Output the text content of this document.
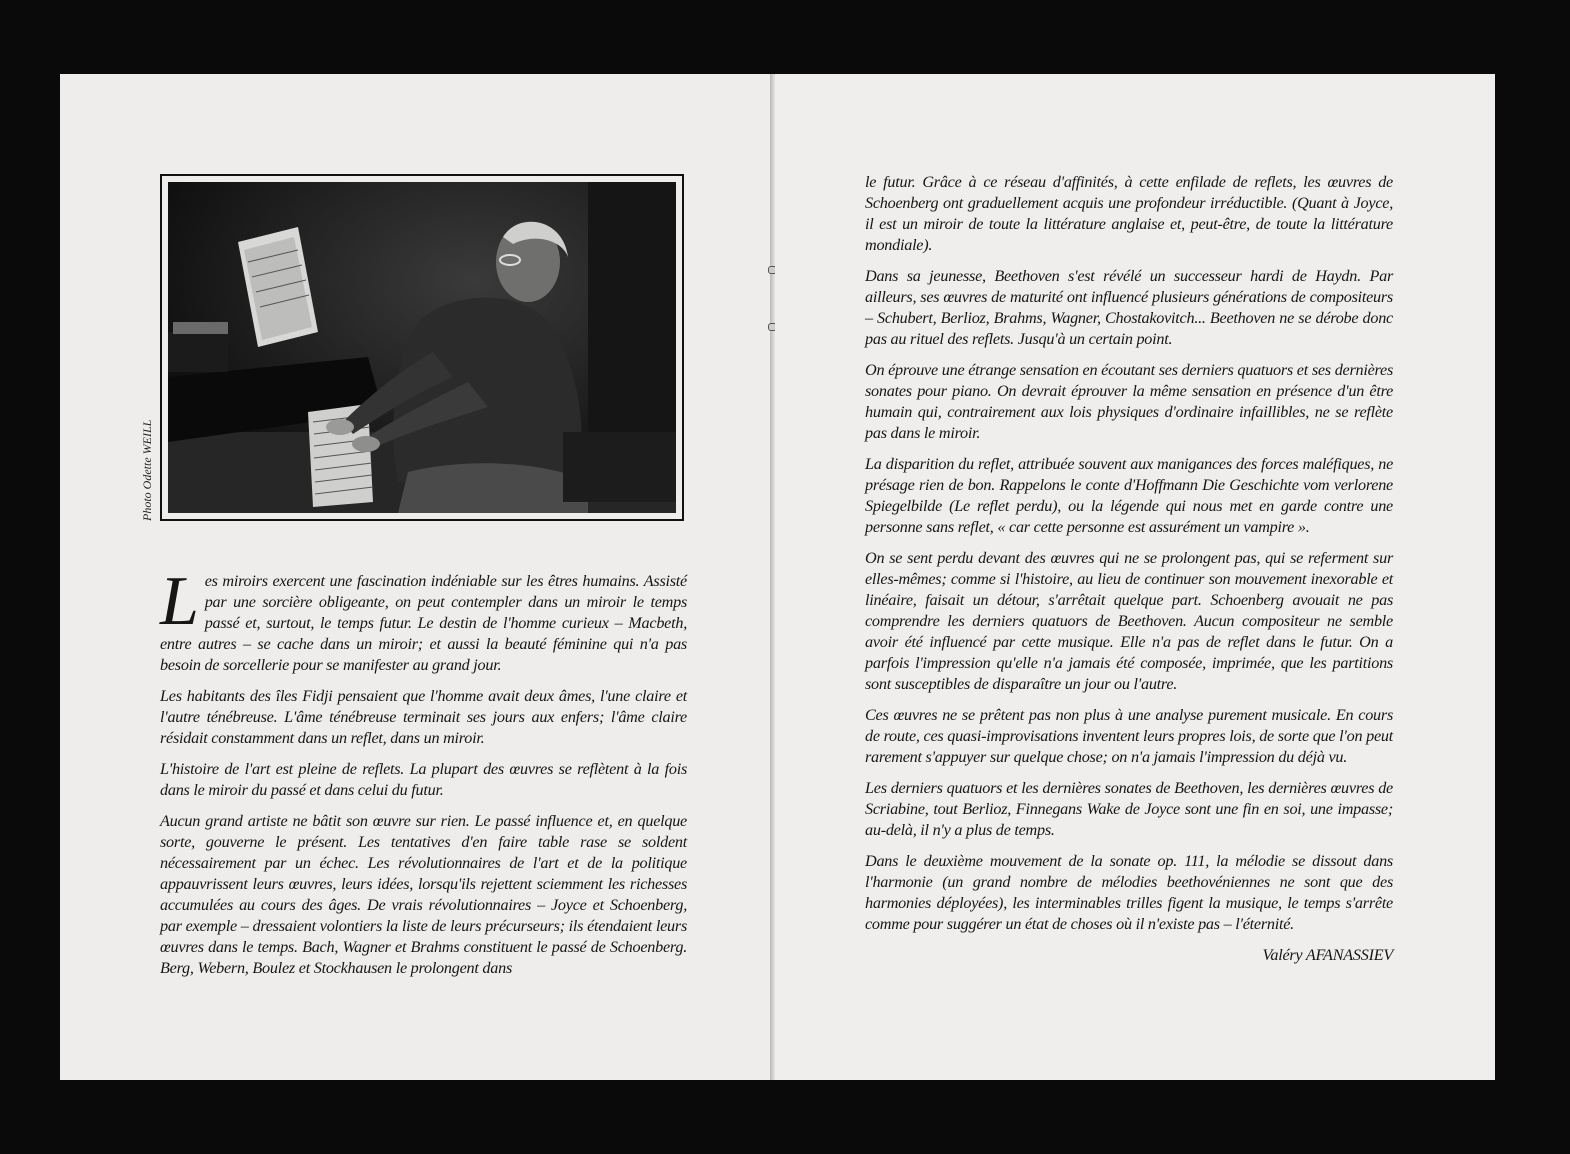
Photo Odette WEILL

Les miroirs exercent une fascination indéniable sur les êtres humains. Assisté par une sorcière obligeante, on peut contempler dans un miroir le temps passé et, surtout, le temps futur. Le destin de l'homme curieux – Macbeth, entre autres – se cache dans un miroir; et aussi la beauté féminine qui n'a pas besoin de sorcellerie pour se manifester au grand jour.

Les habitants des îles Fidji pensaient que l'homme avait deux âmes, l'une claire et l'autre ténébreuse. L'âme ténébreuse terminait ses jours aux enfers; l'âme claire résidait constamment dans un reflet, dans un miroir.

L'histoire de l'art est pleine de reflets. La plupart des œuvres se reflètent à la fois dans le miroir du passé et dans celui du futur.

Aucun grand artiste ne bâtit son œuvre sur rien. Le passé influence et, en quelque sorte, gouverne le présent. Les tentatives d'en faire table rase se soldent nécessairement par un échec. Les révolutionnaires de l'art et de la politique appauvrissent leurs œuvres, leurs idées, lorsqu'ils rejettent sciemment les richesses accumulées au cours des âges. De vrais révolutionnaires – Joyce et Schoenberg, par exemple – dressaient volontiers la liste de leurs précurseurs; ils étendaient leurs œuvres dans le temps. Bach, Wagner et Brahms constituent le passé de Schoenberg. Berg, Webern, Boulez et Stockhausen le prolongent dans

le futur. Grâce à ce réseau d'affinités, à cette enfilade de reflets, les œuvres de Schoenberg ont graduellement acquis une profondeur irréductible. (Quant à Joyce, il est un miroir de toute la littérature anglaise et, peut-être, de toute la littérature mondiale).

Dans sa jeunesse, Beethoven s'est révélé un successeur hardi de Haydn. Par ailleurs, ses œuvres de maturité ont influencé plusieurs générations de compositeurs – Schubert, Berlioz, Brahms, Wagner, Chostakovitch... Beethoven ne se dérobe donc pas au rituel des reflets. Jusqu'à un certain point.

On éprouve une étrange sensation en écoutant ses derniers quatuors et ses dernières sonates pour piano. On devrait éprouver la même sensation en présence d'un être humain qui, contrairement aux lois physiques d'ordinaire infaillibles, ne se reflète pas dans le miroir.

La disparition du reflet, attribuée souvent aux manigances des forces maléfiques, ne présage rien de bon. Rappelons le conte d'Hoffmann Die Geschichte vom verlorene Spiegelbilde (Le reflet perdu), ou la légende qui nous met en garde contre une personne sans reflet, « car cette personne est assurément un vampire ».

On se sent perdu devant des œuvres qui ne se prolongent pas, qui se referment sur elles-mêmes; comme si l'histoire, au lieu de continuer son mouvement inexorable et linéaire, faisait un détour, s'arrêtait quelque part. Schoenberg avouait ne pas comprendre les derniers quatuors de Beethoven. Aucun compositeur ne semble avoir été influencé par cette musique. Elle n'a pas de reflet dans le futur. On a parfois l'impression qu'elle n'a jamais été composée, imprimée, que les partitions sont susceptibles de disparaître un jour ou l'autre.

Ces œuvres ne se prêtent pas non plus à une analyse purement musicale. En cours de route, ces quasi-improvisations inventent leurs propres lois, de sorte que l'on peut rarement s'appuyer sur quelque chose; on n'a jamais l'impression du déjà vu.

Les derniers quatuors et les dernières sonates de Beethoven, les dernières œuvres de Scriabine, tout Berlioz, Finnegans Wake de Joyce sont une fin en soi, une impasse; au-delà, il n'y a plus de temps.

Dans le deuxième mouvement de la sonate op. 111, la mélodie se dissout dans l'harmonie (un grand nombre de mélodies beethovéniennes ne sont que des harmonies déployées), les interminables trilles figent la musique, le temps s'arrête comme pour suggérer un état de choses où il n'existe pas – l'éternité.

Valéry AFANASSIEV
